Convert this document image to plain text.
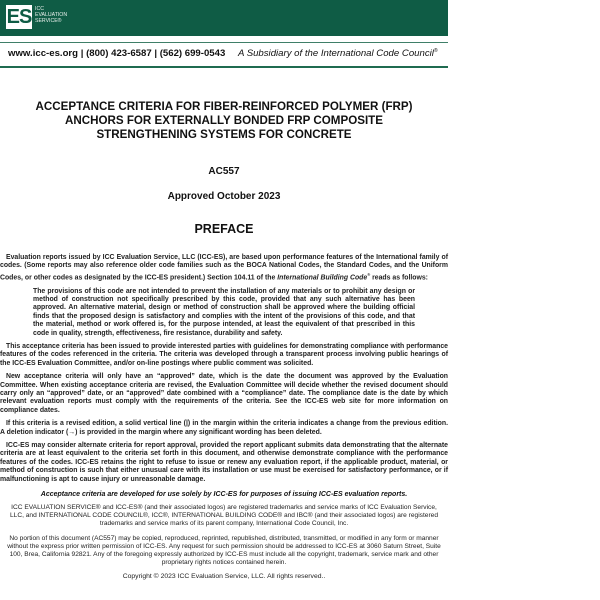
ES ICC
EVALUATION
SERVICE®
www.icc-es.org | (800) 423-6587 | (562) 699-0543 A Subsidiary of the International Code Council®
ACCEPTANCE CRITERIA FOR FIBER-REINFORCED POLYMER (FRP)
ANCHORS FOR EXTERNALLY BONDED FRP COMPOSITE
STRENGTHENING SYSTEMS FOR CONCRETE
AC557
Approved October 2023
PREFACE

Evaluation reports issued by ICC Evaluation Service, LLC (ICC-ES), are based upon performance features of the International family of codes. (Some reports may also reference older code families such as the BOCA National Codes, the Standard Codes, and the Uniform Codes, or other codes as designated by the ICC-ES president.) Section 104.11 of the International Building Code® reads as follows:

The provisions of this code are not intended to prevent the installation of any materials or to prohibit any design or method of construction not specifically prescribed by this code, provided that any such alternative has been approved. An alternative material, design or method of construction shall be approved where the building official finds that the proposed design is satisfactory and complies with the intent of the provisions of this code, and that the material, method or work offered is, for the purpose intended, at least the equivalent of that prescribed in this code in quality, strength, effectiveness, fire resistance, durability and safety.

This acceptance criteria has been issued to provide interested parties with guidelines for demonstrating compliance with performance features of the codes referenced in the criteria. The criteria was developed through a transparent process involving public hearings of the ICC-ES Evaluation Committee, and/or on-line postings where public comment was solicited.

New acceptance criteria will only have an “approved” date, which is the date the document was approved by the Evaluation Committee. When existing acceptance criteria are revised, the Evaluation Committee will decide whether the revised document should carry only an “approved” date, or an “approved” date combined with a “compliance” date. The compliance date is the date by which relevant evaluation reports must comply with the requirements of the criteria. See the ICC-ES web site for more information on compliance dates.

If this criteria is a revised edition, a solid vertical line (|) in the margin within the criteria indicates a change from the previous edition. A deletion indicator (→) is provided in the margin where any significant wording has been deleted.

ICC-ES may consider alternate criteria for report approval, provided the report applicant submits data demonstrating that the alternate criteria are at least equivalent to the criteria set forth in this document, and otherwise demonstrate compliance with the performance features of the codes. ICC-ES retains the right to refuse to issue or renew any evaluation report, if the applicable product, material, or method of construction is such that either unusual care with its installation or use must be exercised for satisfactory performance, or if malfunctioning is apt to cause injury or unreasonable damage.

Acceptance criteria are developed for use solely by ICC-ES for purposes of issuing ICC-ES evaluation reports.

ICC EVALUATION SERVICE® and ICC-ES® (and their associated logos) are registered trademarks and service marks of ICC Evaluation Service, LLC, and INTERNATIONAL CODE COUNCIL®, ICC®, INTERNATIONAL BUILDING CODE® and IBC® (and their associated logos) are registered trademarks and service marks of its parent company, International Code Council, Inc.

No portion of this document (AC557) may be copied, reproduced, reprinted, republished, distributed, transmitted, or modified in any form or manner without the express prior written permission of ICC-ES. Any request for such permission should be addressed to ICC-ES at 3060 Saturn Street, Suite 100, Brea, California 92821. Any of the foregoing expressly authorized by ICC-ES must include all the copyright, trademark, service mark and other proprietary rights notices contained herein.

Copyright © 2023 ICC Evaluation Service, LLC. All rights reserved..
